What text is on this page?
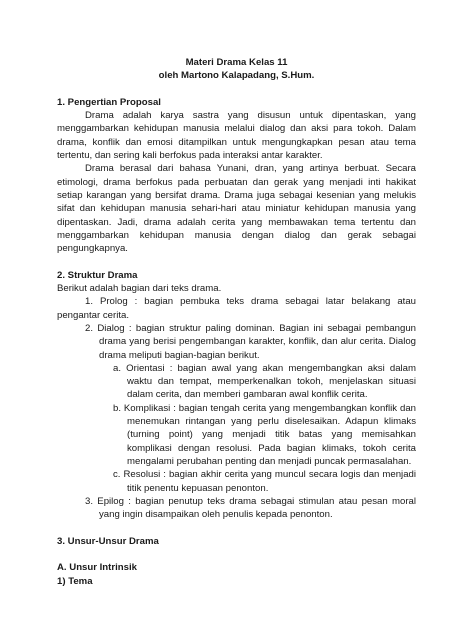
Materi Drama Kelas 11
oleh Martono Kalapadang, S.Hum.

1. Pengertian Proposal

Drama adalah karya sastra yang disusun untuk dipentaskan, yang menggambarkan kehidupan manusia melalui dialog dan aksi para tokoh. Dalam drama, konflik dan emosi ditampilkan untuk mengungkapkan pesan atau tema tertentu, dan sering kali berfokus pada interaksi antar karakter.

Drama berasal dari bahasa Yunani, dran, yang artinya berbuat. Secara etimologi, drama berfokus pada perbuatan dan gerak yang menjadi inti hakikat setiap karangan yang bersifat drama. Drama juga sebagai kesenian yang melukis sifat dan kehidupan manusia sehari-hari atau miniatur kehidupan manusia yang dipentaskan. Jadi, drama adalah cerita yang membawakan tema tertentu dan menggambarkan kehidupan manusia dengan dialog dan gerak sebagai pengungkapnya.

2. Struktur Drama

Berikut adalah bagian dari teks drama.

1. Prolog : bagian pembuka teks drama sebagai latar belakang atau pengantar cerita.

2. Dialog : bagian struktur paling dominan. Bagian ini sebagai pembangun drama yang berisi pengembangan karakter, konflik, dan alur cerita. Dialog drama meliputi bagian-bagian berikut.

a. Orientasi : bagian awal yang akan mengembangkan aksi dalam waktu dan tempat, memperkenalkan tokoh, menjelaskan situasi dalam cerita, dan memberi gambaran awal konflik cerita.

b. Komplikasi : bagian tengah cerita yang mengembangkan konflik dan menemukan rintangan yang perlu diselesaikan. Adapun klimaks (turning point) yang menjadi titik batas yang memisahkan komplikasi dengan resolusi. Pada bagian klimaks, tokoh cerita mengalami perubahan penting dan menjadi puncak permasalahan.

c. Resolusi : bagian akhir cerita yang muncul secara logis dan menjadi titik penentu kepuasan penonton.

3. Epilog : bagian penutup teks drama sebagai stimulan atau pesan moral yang ingin disampaikan oleh penulis kepada penonton.

3. Unsur-Unsur Drama

A. Unsur Intrinsik

1) Tema
